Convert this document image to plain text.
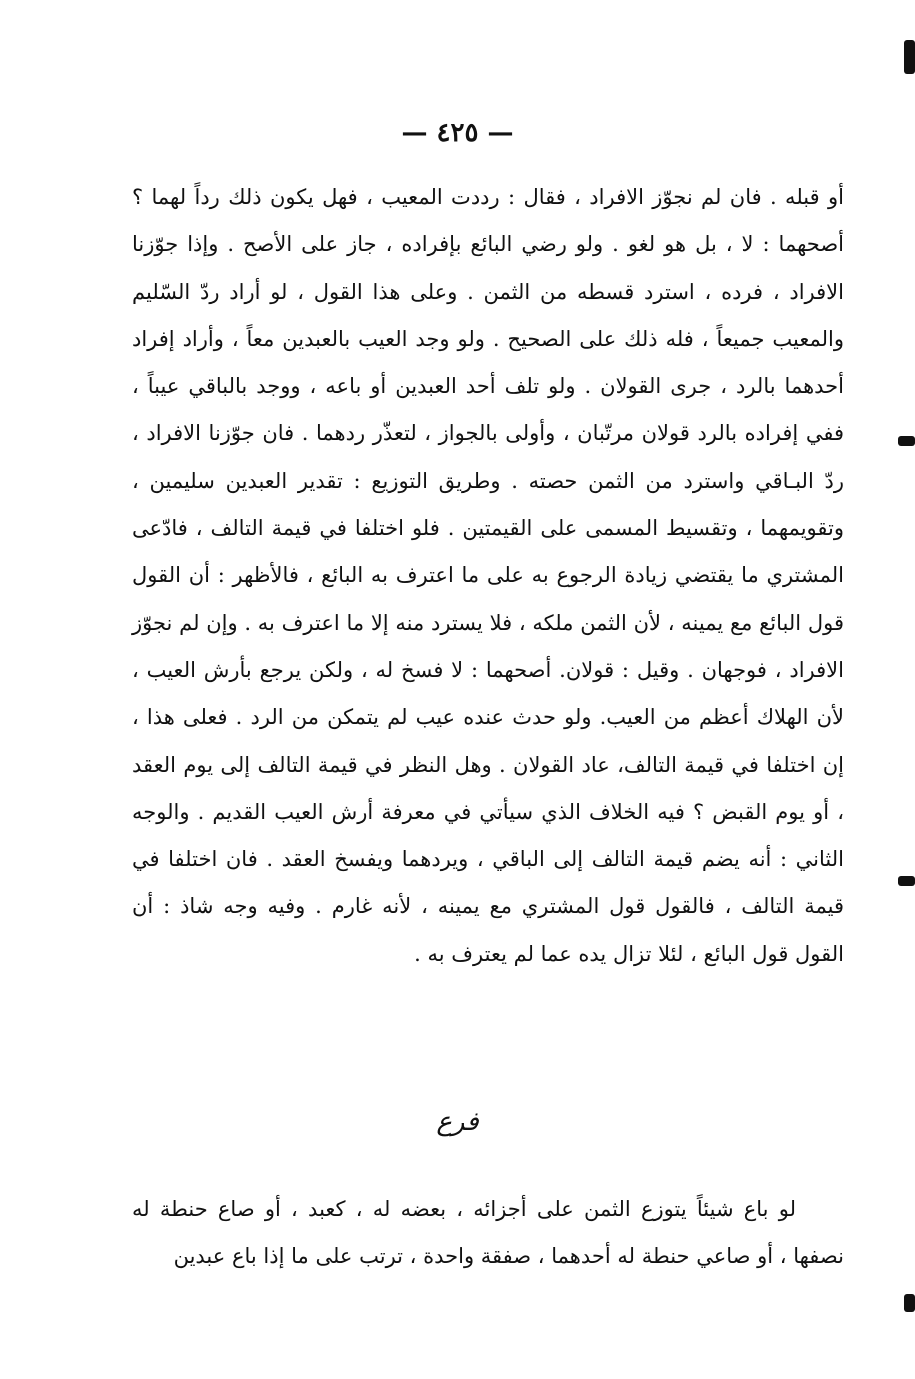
— ٤٢٥ —

أو قبله . فان لم نجوّز الافراد ، فقال : رددت المعيب ، فهل يكون ذلك رداً لهما ؟ أصحهما : لا ، بل هو لغو . ولو رضي البائع بإفراده ، جاز على الأصح . وإذا جوّزنا الافراد ، فرده ، استرد قسطه من الثمن . وعلى هذا القول ، لو أراد ردّ السّليم والمعيب جميعاً ، فله ذلك على الصحيح . ولو وجد العيب بالعبدين معاً ، وأراد إفراد أحدهما بالرد ، جرى القولان . ولو تلف أحد العبدين أو باعه ، ووجد بالباقي عيباً ، ففي إفراده بالرد قولان مرتّبان ، وأولى بالجواز ، لتعذّر ردهما . فان جوّزنا الافراد ، ردّ البـاقي واسترد من الثمن حصته . وطريق التوزيع : تقدير العبدين سليمين ، وتقويمهما ، وتقسيط المسمى على القيمتين . فلو اختلفا في قيمة التالف ، فادّعى المشتري ما يقتضي زيادة الرجوع به على ما اعترف به البائع ، فالأظهر : أن القول قول البائع مع يمينه ، لأن الثمن ملكه ، فلا يسترد منه إلا ما اعترف به . وإن لم نجوّز الافراد ، فوجهان . وقيل : قولان. أصحهما : لا فسخ له ، ولكن يرجع بأرش العيب ، لأن الهلاك أعظم من العيب. ولو حدث عنده عيب لم يتمكن من الرد . فعلى هذا ، إن اختلفا في قيمة التالف، عاد القولان . وهل النظر في قيمة التالف إلى يوم العقد ، أو يوم القبض ؟ فيه الخلاف الذي سيأتي في معرفة أرش العيب القديم . والوجه الثاني : أنه يضم قيمة التالف إلى الباقي ، ويردهما ويفسخ العقد . فان اختلفا في قيمة التالف ، فالقول قول المشتري مع يمينه ، لأنه غارم . وفيه وجه شاذ : أن القول قول البائع ، لئلا تزال يده عما لم يعترف به .

فرع

لو باع شيئاً يتوزع الثمن على أجزائه ، بعضه له ، كعبد ، أو صاع حنطة له نصفها ، أو صاعي حنطة له أحدهما ، صفقة واحدة ، ترتب على ما إذا باع عبدين
